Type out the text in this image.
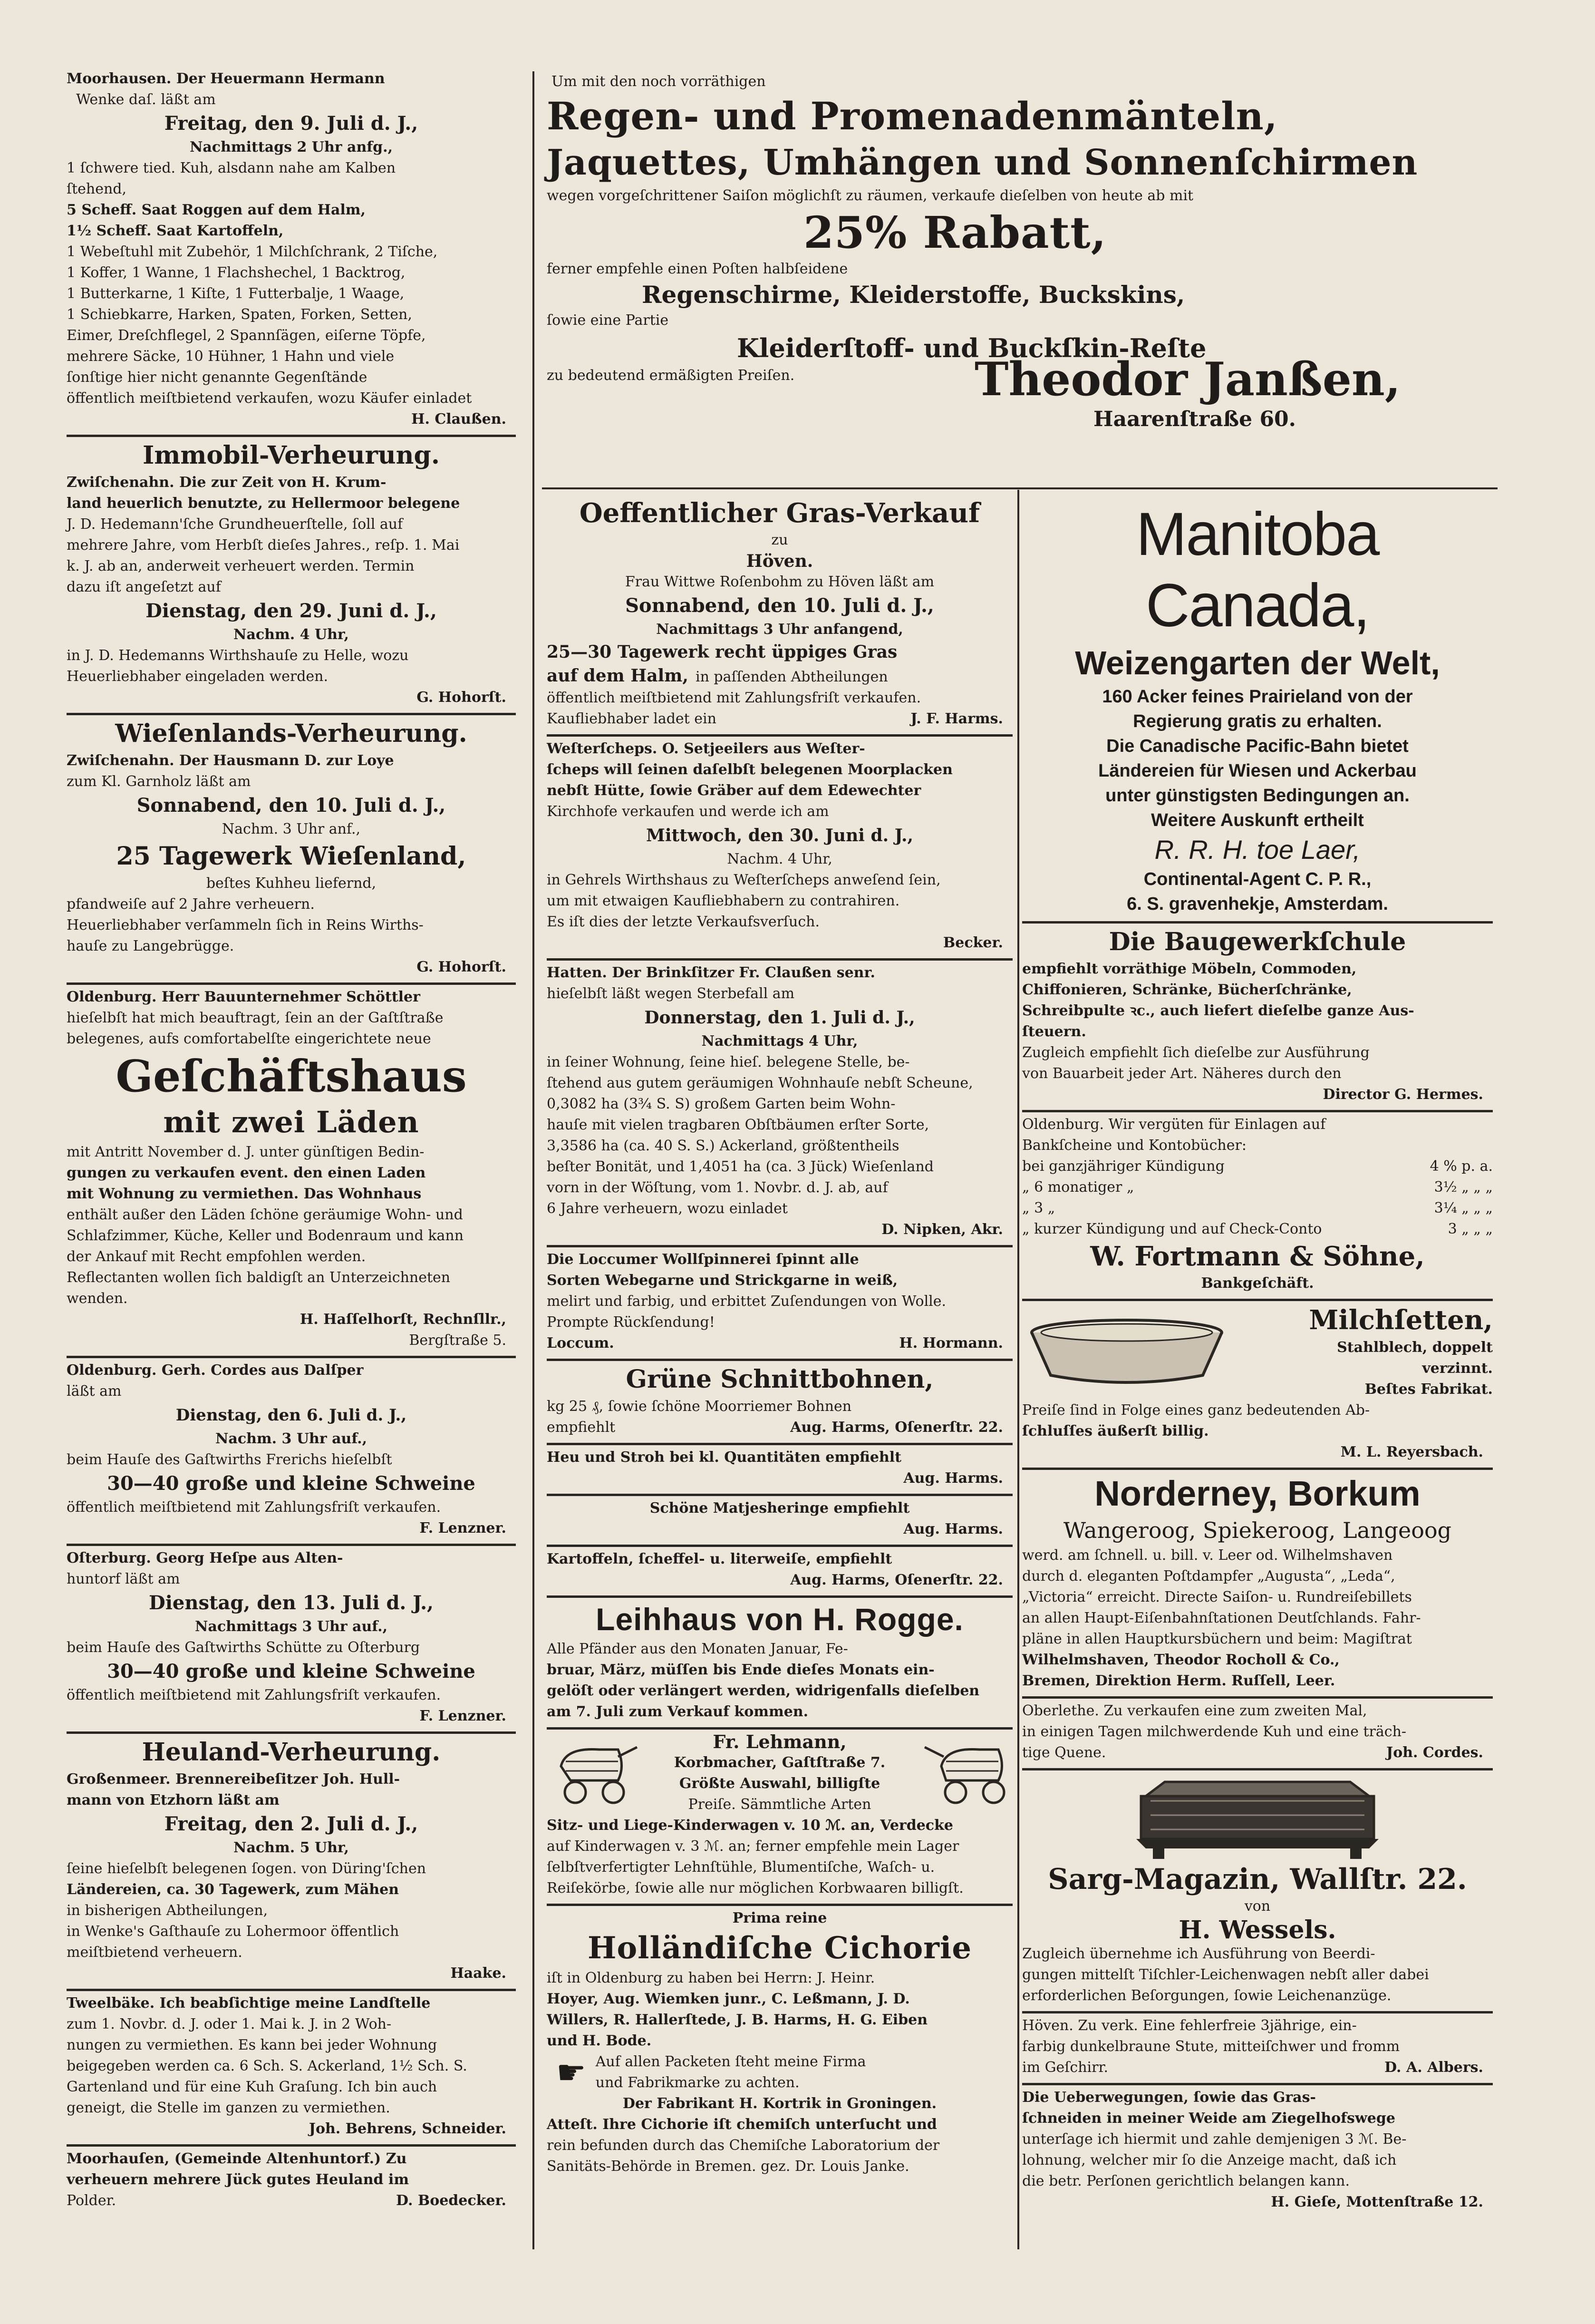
Moorhausen. Der Heuermann Hermann

Wenke daſ. läßt am

Freitag, den 9. Juli d. J.,

Nachmittags 2 Uhr anfg.,

1 ſchwere tied. Kuh, alsdann nahe am Kalben

ſtehend,

5 Scheff. Saat Roggen auf dem Halm,

1½ Scheff. Saat Kartoffeln,

1 Webeſtuhl mit Zubehör, 1 Milchſchrank, 2 Tiſche,

1 Koffer, 1 Wanne, 1 Flachshechel, 1 Backtrog,

1 Butterkarne, 1 Kiſte, 1 Futterbalje, 1 Waage,

1 Schiebkarre, Harken, Spaten, Forken, Setten,

Eimer, Dreſchflegel, 2 Spannſägen, eiſerne Töpfe,

mehrere Säcke, 10 Hühner, 1 Hahn und viele

ſonſtige hier nicht genannte Gegenſtände

öffentlich meiſtbietend verkaufen, wozu Käufer einladet

H. Claußen.

Immobil-Verheurung.

Zwiſchenahn. Die zur Zeit von H. Krum-

land heuerlich benutzte, zu Hellermoor belegene

J. D. Hedemann'ſche Grundheuerſtelle, ſoll auf

mehrere Jahre, vom Herbſt dieſes Jahres., reſp. 1. Mai

k. J. ab an, anderweit verheuert werden. Termin

dazu iſt angeſetzt auf

Dienstag, den 29. Juni d. J.,

Nachm. 4 Uhr,

in J. D. Hedemanns Wirthshauſe zu Helle, wozu

Heuerliebhaber eingeladen werden.

G. Hohorſt.

Wieſenlands-Verheurung.

Zwiſchenahn. Der Hausmann D. zur Loye

zum Kl. Garnholz läßt am

Sonnabend, den 10. Juli d. J.,

Nachm. 3 Uhr anf.,

25 Tagewerk Wieſenland,

beſtes Kuhheu liefernd,

pfandweiſe auf 2 Jahre verheuern.

Heuerliebhaber verſammeln ſich in Reins Wirths-

hauſe zu Langebrügge.

G. Hohorſt.

Oldenburg. Herr Bauunternehmer Schöttler

hieſelbſt hat mich beauftragt, ſein an der Gaſtſtraße

belegenes, aufs comfortabelſte eingerichtete neue

Geſchäftshaus

mit zwei Läden

mit Antritt November d. J. unter günſtigen Bedin-

gungen zu verkaufen event. den einen Laden

mit Wohnung zu vermiethen. Das Wohnhaus

enthält außer den Läden ſchöne geräumige Wohn- und

Schlafzimmer, Küche, Keller und Bodenraum und kann

der Ankauf mit Recht empfohlen werden.

Reflectanten wollen ſich baldigſt an Unterzeichneten

wenden.

H. Haſſelhorſt, Rechnſllr.,

Bergſtraße 5.

Oldenburg. Gerh. Cordes aus Dalſper

läßt am

Dienstag, den 6. Juli d. J.,

Nachm. 3 Uhr auf.,

beim Hauſe des Gaſtwirths Frerichs hieſelbſt

30—40 große und kleine Schweine

öffentlich meiſtbietend mit Zahlungsfriſt verkaufen.

F. Lenzner.

Oſterburg. Georg Heſpe aus Alten-

huntorf läßt am

Dienstag, den 13. Juli d. J.,

Nachmittags 3 Uhr auf.,

beim Hauſe des Gaſtwirths Schütte zu Oſterburg

30—40 große und kleine Schweine

öffentlich meiſtbietend mit Zahlungsfriſt verkaufen.

F. Lenzner.

Heuland-Verheurung.

Großenmeer. Brennereibeſitzer Joh. Hull-

mann von Etzhorn läßt am

Freitag, den 2. Juli d. J.,

Nachm. 5 Uhr,

ſeine hieſelbſt belegenen ſogen. von Düring'ſchen

Ländereien, ca. 30 Tagewerk, zum Mähen

in bisherigen Abtheilungen,

in Wenke's Gaſthauſe zu Lohermoor öffentlich

meiſtbietend verheuern.

Haake.

Tweelbäke. Ich beabſichtige meine Landſtelle

zum 1. Novbr. d. J. oder 1. Mai k. J. in 2 Woh-

nungen zu vermiethen. Es kann bei jeder Wohnung

beigegeben werden ca. 6 Sch. S. Ackerland, 1½ Sch. S.

Gartenland und für eine Kuh Graſung. Ich bin auch

geneigt, die Stelle im ganzen zu vermiethen.

Joh. Behrens, Schneider.

Moorhauſen, (Gemeinde Altenhuntorf.) Zu

verheuern mehrere Jück gutes Heuland im

Polder.	D. Boedecker.

Um mit den noch vorräthigen

Regen- und Promenadenmänteln,

Jaquettes, Umhängen und Sonnenſchirmen

wegen vorgeſchrittener Saiſon möglichſt zu räumen, verkaufe dieſelben von heute ab mit

25% Rabatt,

ferner empfehle einen Poſten halbſeidene

Regenschirme, Kleiderstoffe, Buckskins,

ſowie eine Partie

Kleiderſtoff- und Buckſkin-Reſte

zu bedeutend ermäßigten Preiſen.	Theodor Janßen,

Haarenſtraße 60.

Oeffentlicher Gras-Verkauf

zu

Höven.

Frau Wittwe Roſenbohm zu Höven läßt am

Sonnabend, den 10. Juli d. J.,

Nachmittags 3 Uhr anfangend,

25—30 Tagewerk recht üppiges Gras

auf dem Halm,

in paſſenden Abtheilungen

öffentlich meiſtbietend mit Zahlungsfriſt verkaufen.

Kaufliebhaber ladet ein	J. F. Harms.

Weſterſcheps. O. Setjeeilers aus Weſter-

ſcheps will ſeinen daſelbſt belegenen Moorplacken

nebſt Hütte, ſowie Gräber auf dem Edewechter

Kirchhofe verkaufen und werde ich am

Mittwoch, den 30. Juni d. J.,

Nachm. 4 Uhr,

in Gehrels Wirthshaus zu Weſterſcheps anweſend ſein,

um mit etwaigen Kaufliebhabern zu contrahiren.

Es iſt dies der letzte Verkaufsverſuch.

Becker.

Hatten. Der Brinkſitzer Fr. Claußen senr.

hieſelbſt läßt wegen Sterbefall am

Donnerstag, den 1. Juli d. J.,

Nachmittags 4 Uhr,

in ſeiner Wohnung, ſeine hieſ. belegene Stelle, be-

ſtehend aus gutem geräumigen Wohnhauſe nebſt Scheune,

0,3082 ha (3¾ S. S) großem Garten beim Wohn-

hauſe mit vielen tragbaren Obſtbäumen erſter Sorte,

3,3586 ha (ca. 40 S. S.) Ackerland, größtentheils

beſter Bonität, und 1,4051 ha (ca. 3 Jück) Wieſenland

vorn in der Wöſtung, vom 1. Novbr. d. J. ab, auf

6 Jahre verheuern, wozu einladet

D. Nipken, Akr.

Die Loccumer Wollſpinnerei ſpinnt alle

Sorten Webegarne und Strickgarne in weiß,

melirt und farbig, und erbittet Zuſendungen von Wolle.

Prompte Rückſendung!

Loccum.	H. Hormann.

Grüne Schnittbohnen,

kg 25 ₰, ſowie ſchöne Moorriemer Bohnen

empfiehlt	Aug. Harms, Oſenerſtr. 22.

Heu und Stroh bei kl. Quantitäten empfiehlt

Aug. Harms.

Schöne Matjesheringe empfiehlt

Aug. Harms.

Kartoffeln, ſcheffel- u. literweiſe, empfiehlt

Aug. Harms, Oſenerſtr. 22.

Leihhaus von H. Rogge.

Alle Pfänder aus den Monaten Januar, Fe-

bruar, März, müſſen bis Ende dieſes Monats ein-

gelöſt oder verlängert werden, widrigenfalls dieſelben

am 7. Juli zum Verkauf kommen.

Fr. Lehmann,

Korbmacher, Gaſtſtraße 7.

Größte Auswahl, billigſte

Preiſe. Sämmtliche Arten

Sitz- und Liege-Kinderwagen v. 10 ℳ. an, Verdecke

auf Kinderwagen v. 3 ℳ. an; ferner empfehle mein Lager

ſelbſtverfertigter Lehnſtühle, Blumentiſche, Waſch- u.

Reiſekörbe, ſowie alle nur möglichen Korbwaaren billigſt.

Prima reine

Holländiſche Cichorie

iſt in Oldenburg zu haben bei Herrn: J. Heinr.

Hoyer, Aug. Wiemken junr., C. Leßmann, J. D.

Willers, R. Hallerſtede, J. B. Harms, H. G. Eiben

und H. Bode.

☛ Auf allen Packeten ſteht meine Firma

und Fabrikmarke zu achten.

Der Fabrikant H. Kortrik in Groningen.

Atteſt. Ihre Cichorie iſt chemiſch unterſucht und

rein befunden durch das Chemiſche Laboratorium der

Sanitäts-Behörde in Bremen. gez. Dr. Louis Janke.

Manitoba Canada,

Weizengarten der Welt,

160 Acker feines Prairieland von der

Regierung gratis zu erhalten.

Die Canadische Pacific-Bahn bietet

Ländereien für Wiesen und Ackerbau

unter günstigsten Bedingungen an.

Weitere Auskunft ertheilt

R. R. H. toe Laer,

Continental-Agent C. P. R.,

6. S. gravenhekje, Amsterdam.

Die Baugewerkſchule

empfiehlt vorräthige Möbeln, Commoden,

Chiffonieren, Schränke, Bücherſchränke,

Schreibpulte ꝛc., auch liefert dieſelbe ganze Aus-

ſteuern.

Zugleich empfiehlt ſich dieſelbe zur Ausführung

von Bauarbeit jeder Art. Näheres durch den

Director G. Hermes.

Oldenburg. Wir vergüten für Einlagen auf

Bankſcheine und Kontobücher:

bei ganzjähriger Kündigung	4 % p. a.

„ 6 monatiger „	3½ „ „ „

„ 3 „	3¼ „ „ „

„ kurzer Kündigung und auf Check-Conto	3 „ „ „

W. Fortmann & Söhne,

Bankgeſchäft.

Milchſetten,

Stahlblech, doppelt

verzinnt.

Beſtes Fabrikat.

Preiſe ſind in Folge eines ganz bedeutenden Ab-

ſchluſſes äußerſt billig.

M. L. Reyersbach.

Norderney, Borkum

Wangeroog, Spiekeroog, Langeoog

werd. am ſchnell. u. bill. v. Leer od. Wilhelmshaven

durch d. eleganten Poſtdampfer „Augusta“, „Leda“,

„Victoria“ erreicht. Directe Saiſon- u. Rundreiſebillets

an allen Haupt-Eiſenbahnſtationen Deutſchlands. Fahr-

pläne in allen Hauptkursbüchern und beim: Magiſtrat

Wilhelmshaven, Theodor Rocholl & Co.,

Bremen, Direktion Herm. Ruſſell, Leer.

Oberlethe. Zu verkaufen eine zum zweiten Mal,

in einigen Tagen milchwerdende Kuh und eine träch-

tige Quene.	Joh. Cordes.

Sarg-Magazin, Wallſtr. 22.

von

H. Wessels.

Zugleich übernehme ich Ausführung von Beerdi-

gungen mittelſt Tiſchler-Leichenwagen nebſt aller dabei

erforderlichen Beſorgungen, ſowie Leichenanzüge.

Höven. Zu verk. Eine fehlerfreie 3jährige, ein-

farbig dunkelbraune Stute, mitteiſchwer und fromm

im Geſchirr.	D. A. Albers.

Die Ueberwegungen, ſowie das Gras-

ſchneiden in meiner Weide am Ziegelhofswege

unterſage ich hiermit und zahle demjenigen 3 ℳ. Be-

lohnung, welcher mir ſo die Anzeige macht, daß ich

die betr. Perſonen gerichtlich belangen kann.

H. Gieſe, Mottenſtraße 12.
